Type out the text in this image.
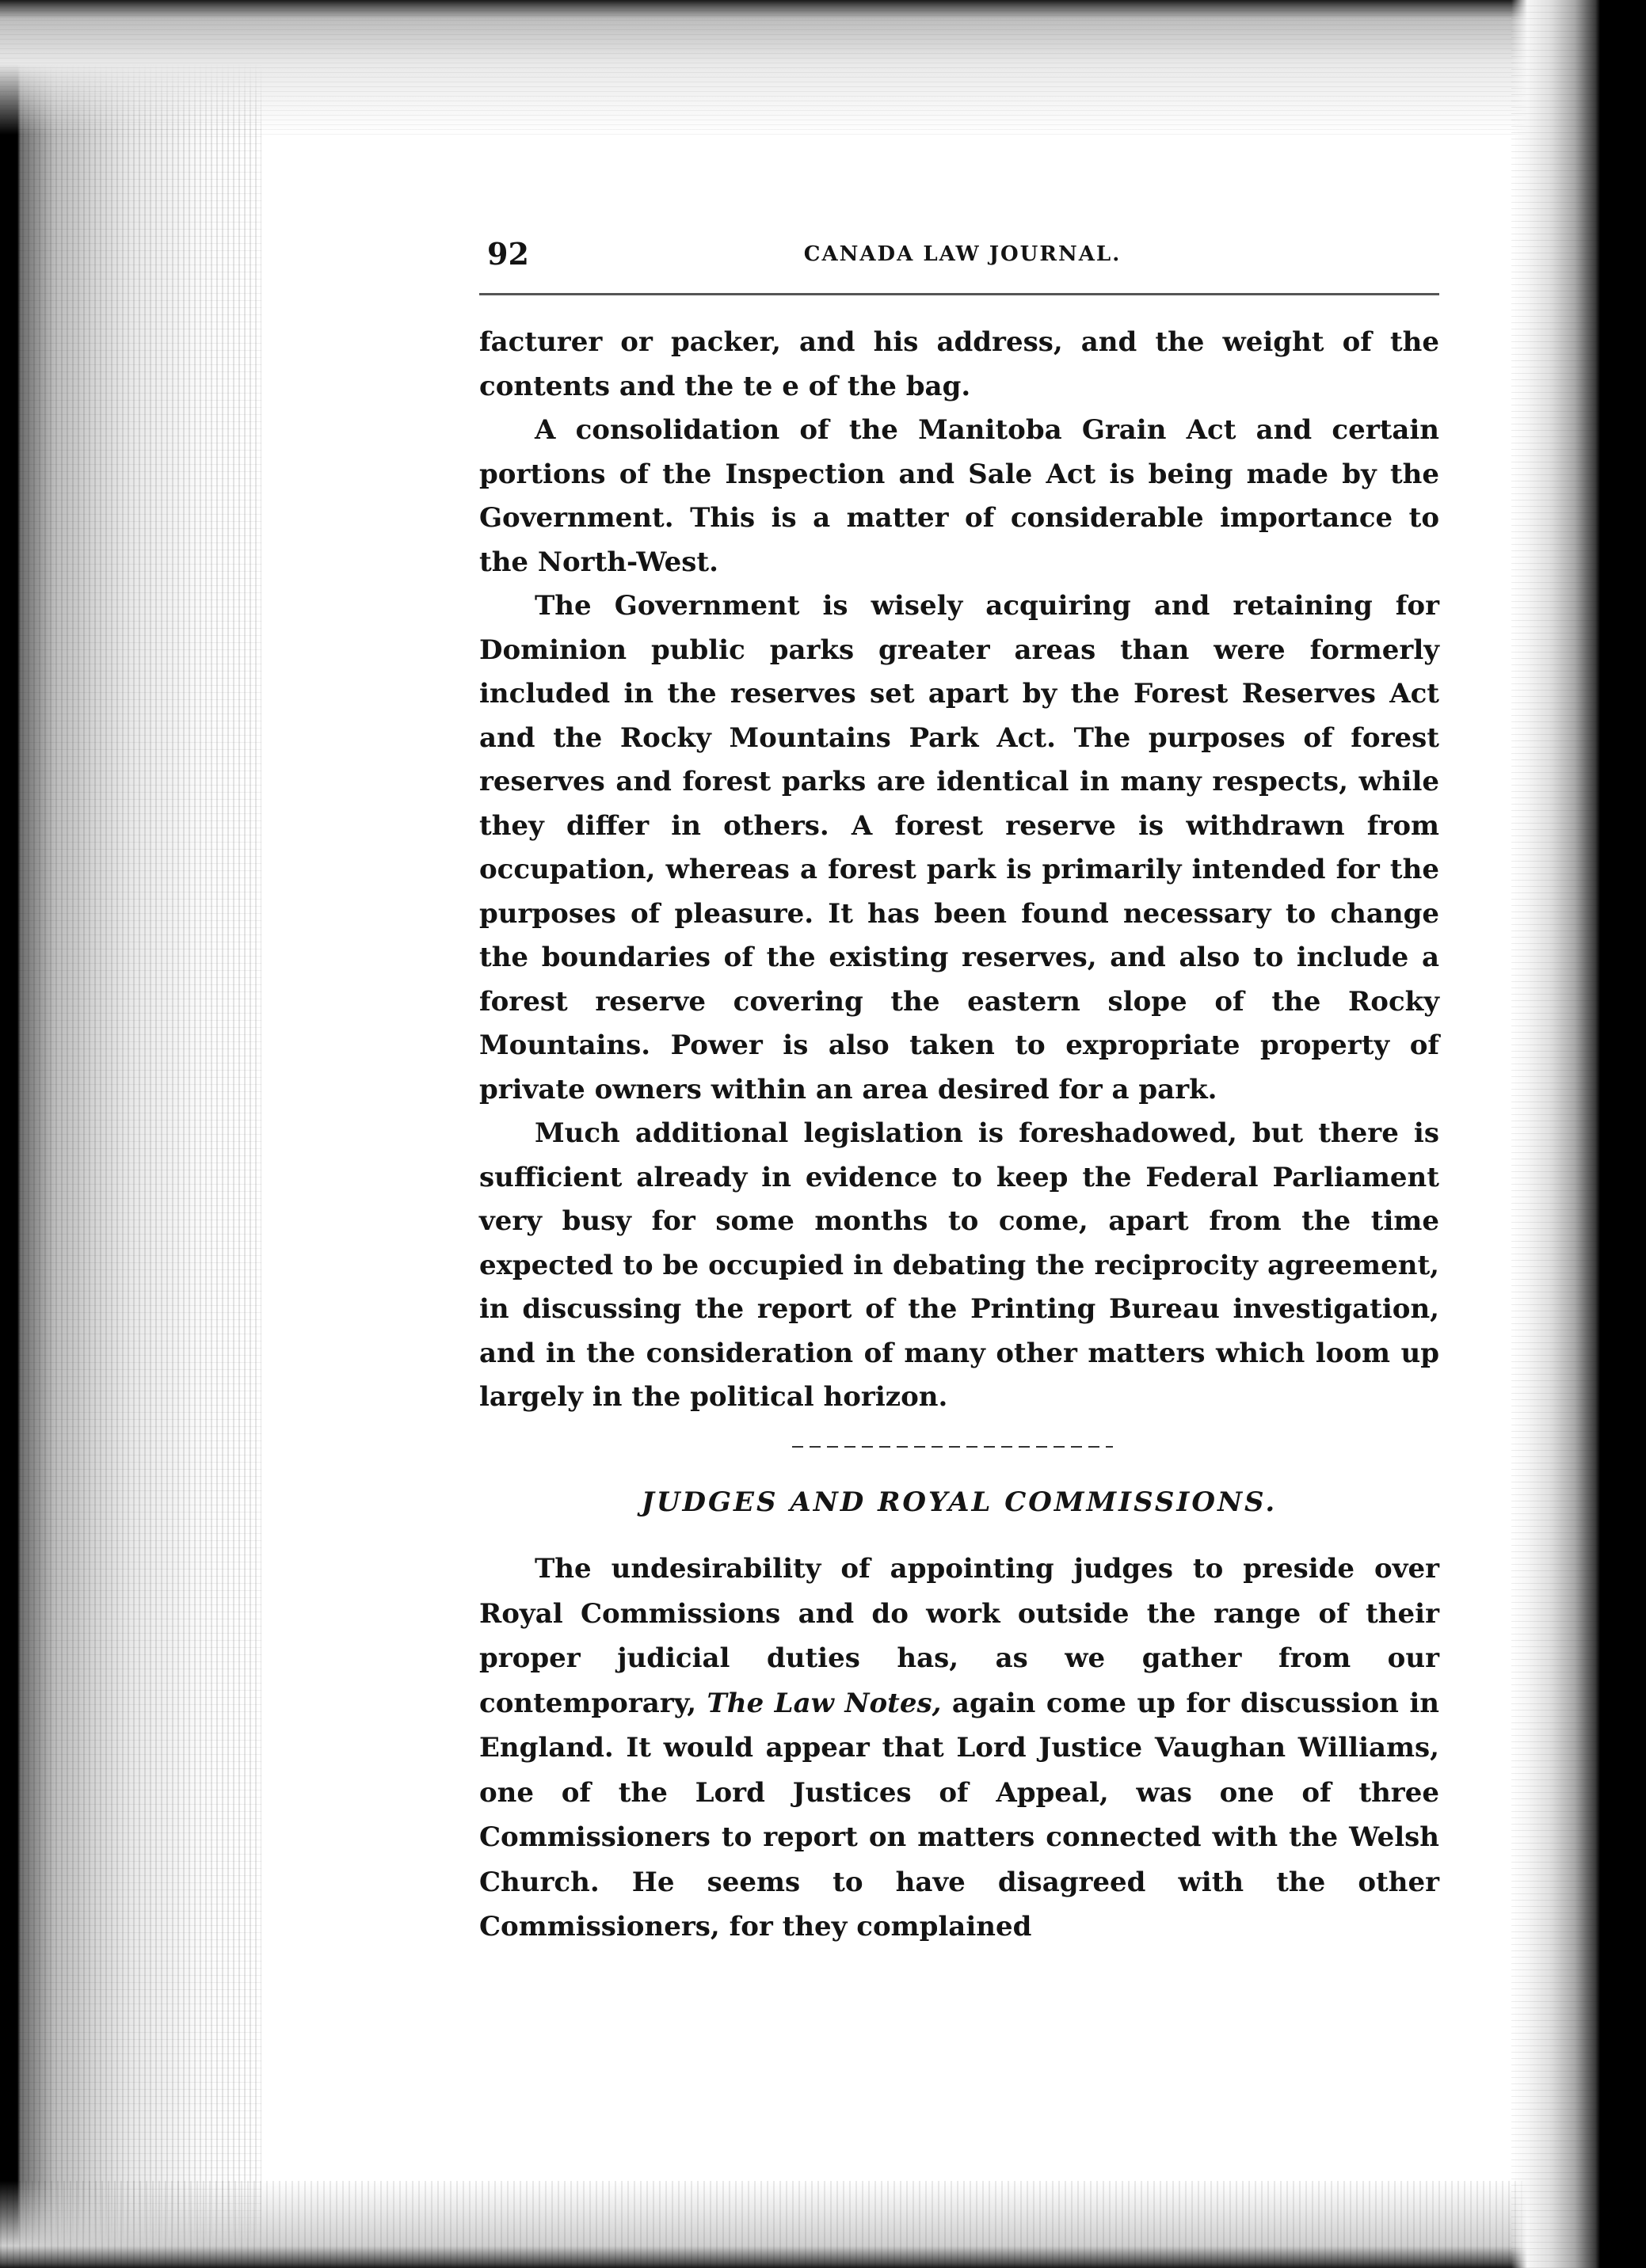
92	CANADA LAW JOURNAL.

facturer or packer, and his address, and the weight of the contents and the te e of the bag.

A consolidation of the Manitoba Grain Act and certain portions of the Inspection and Sale Act is being made by the Government. This is a matter of considerable importance to the North-West.

The Government is wisely acquiring and retaining for Dominion public parks greater areas than were formerly included in the reserves set apart by the Forest Reserves Act and the Rocky Mountains Park Act. The purposes of forest reserves and forest parks are identical in many respects, while they differ in others. A forest reserve is withdrawn from occupation, whereas a forest park is primarily intended for the purposes of pleasure. It has been found necessary to change the boundaries of the existing reserves, and also to include a forest reserve covering the eastern slope of the Rocky Mountains. Power is also taken to expropriate property of private owners within an area desired for a park.

Much additional legislation is foreshadowed, but there is sufficient already in evidence to keep the Federal Parliament very busy for some months to come, apart from the time expected to be occupied in debating the reciprocity agreement, in discussing the report of the Printing Bureau investigation, and in the consideration of many other matters which loom up largely in the political horizon.

JUDGES AND ROYAL COMMISSIONS.

The undesirability of appointing judges to preside over Royal Commissions and do work outside the range of their proper judicial duties has, as we gather from our contemporary, The Law Notes, again come up for discussion in England. It would appear that Lord Justice Vaughan Williams, one of the Lord Justices of Appeal, was one of three Commissioners to report on matters connected with the Welsh Church. He seems to have disagreed with the other Commissioners, for they complained
